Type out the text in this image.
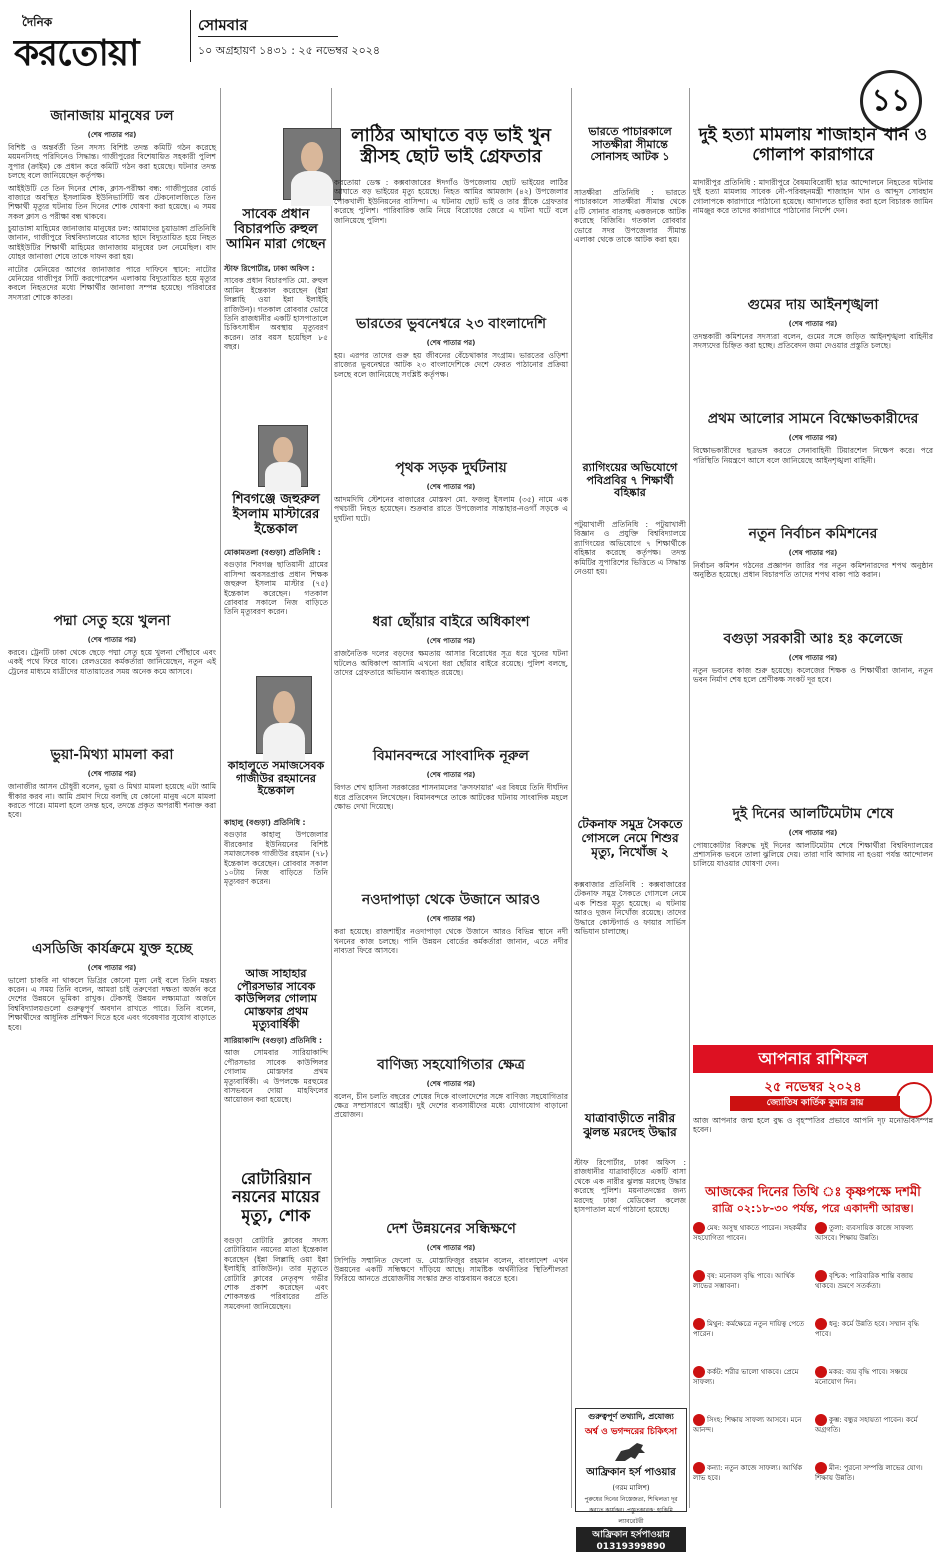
দৈনিক
করতোয়া
সোমবার
১০ অগ্রহায়ণ ১৪৩১ : ২৫ নভেম্বর ২০২৪
১১
জানাজায় মানুষের ঢল
(শেষ পাতার পর)

বিশিষ্ট ও অন্তর্বর্তী তিন সদস্য বিশিষ্ট তদন্ত কমিটি গঠন করেছে ময়মনসিংহ পরিদিনেও সিদ্ধান্ত। গাজীপুরের বিশেষায়িত সহকারী পুলিশ সুপার (ক্রাইম) কে প্রধান করে কমিটি গঠন করা হয়েছে। ঘটনার তদন্ত চলছে বলে জানিয়েছেন কর্তৃপক্ষ।

আইইউটি তে তিন দিনের শোক, ক্লাস-পরীক্ষা বন্ধ: গাজীপুরের বোর্ড বাজারে অবস্থিত ইসলামিক ইউনিভার্সিটি অব টেকনোলজিতে তিন শিক্ষার্থী মৃত্যুর ঘটনায় তিন দিনের শোক ঘোষণা করা হয়েছে। এ সময় সকল ক্লাস ও পরীক্ষা বন্ধ থাকবে।

চুয়াডাঙ্গা মাহিমের জানাজায় মানুষের ঢল: আমাদের চুয়াডাঙ্গা প্রতিনিধি জানান, গাজীপুরে বিশ্ববিদ্যালয়ের বাসের ছাদে বিদ্যুতায়িত হয়ে নিহত আইইউটির শিক্ষার্থী মাহিমের জানাজায় মানুষের ঢল নেমেছিল। বাদ যোহর জানাজা শেষে তাকে দাফন করা হয়।

নাটোর মেনিয়ের আগের জানাজার পারে দাফিনে স্থানে: নাটোর মেনিয়ের গাজীপুর সিটি করপোরেশন এলাকায় বিদ্যুতায়িত হয়ে মৃত্যুর কবলে নিহতদের মধ্যে শিক্ষার্থীর জানাজা সম্পন্ন হয়েছে। পরিবারের সদস্যরা শোকে কাতর।

পদ্মা সেতু হয়ে খুলনা
(শেষ পাতার পর)

করবে। ট্রেনটি ঢাকা থেকে ছেড়ে পদ্মা সেতু হয়ে খুলনা পৌঁছাবে এবং একই পথে ফিরে যাবে। রেলওয়ের কর্মকর্তারা জানিয়েছেন, নতুন এই ট্রেনের মাধ্যমে যাত্রীদের যাতায়াতের সময় অনেক কমে আসবে।

ভুয়া-মিথ্যা মামলা করা
(শেষ পাতার পর)

জানাজীর আসন চৌধুরী বলেন, ভুয়া ও মিথ্যা মামলা হয়েছে এটা আমি স্বীকার করব না। আমি প্রমাণ দিয়ে বলছি যে কোনো মানুষ এসে মামলা করতে পারে। মামলা হলে তদন্ত হবে, তদন্তে প্রকৃত অপরাধী শনাক্ত করা হবে।

এসডিজি কার্যক্রমে যুক্ত হচ্ছে
(শেষ পাতার পর)

ভালো চাকরি না থাকলে ডিগ্রির কোনো মূল্য নেই বলে তিনি মন্তব্য করেন। এ সময় তিনি বলেন, আমরা চাই তরুণেরা দক্ষতা অর্জন করে দেশের উন্নয়নে ভূমিকা রাখুক। টেকসই উন্নয়ন লক্ষ্যমাত্রা অর্জনে বিশ্ববিদ্যালয়গুলো গুরুত্বপূর্ণ অবদান রাখতে পারে। তিনি বলেন, শিক্ষার্থীদের আধুনিক প্রশিক্ষণ দিতে হবে এবং গবেষণার সুযোগ বাড়াতে হবে।

সাবেক প্রধান বিচারপতি রুহুল আমিন মারা গেছেন

স্টাফ রিপোর্টার, ঢাকা অফিস :

সাবেক প্রধান বিচারপতি মো. রুহুল আমিন ইন্তেকাল করেছেন (ইন্না লিল্লাহি ওয়া ইন্না ইলাইহি রাজিউন)। গতকাল রোববার ভোরে তিনি রাজধানীর একটি হাসপাতালে চিকিৎসাধীন অবস্থায় মৃত্যুবরণ করেন। তার বয়স হয়েছিল ৮৫ বছর।

শিবগঞ্জে জহুরুল ইসলাম মাস্টারের ইন্তেকাল

মোকামতলা (বগুড়া) প্রতিনিধি :

বগুড়ার শিবগঞ্জ ছাতিয়ানী গ্রামের বাসিন্দা অবসরপ্রাপ্ত প্রধান শিক্ষক জহুরুল ইসলাম মাস্টার (৭৫) ইন্তেকাল করেছেন। গতকাল রোববার সকালে নিজ বাড়িতে তিনি মৃত্যুবরণ করেন।

কাহালুতে সমাজসেবক গাজীউর রহমানের ইন্তেকাল

কাহালু (বগুড়া) প্রতিনিধি :

বগুড়ার কাহালু উপজেলার বীরকেদার ইউনিয়নের বিশিষ্ট সমাজসেবক গাজীউর রহমান (৭৮) ইন্তেকাল করেছেন। রোববার সকাল ১০টায় নিজ বাড়িতে তিনি মৃত্যুবরণ করেন।

আজ সাহাহার পৌরসভার সাবেক কাউন্সিলর গোলাম মোস্তফার প্রথম মৃত্যুবার্ষিকী

সারিয়াকান্দি (বগুড়া) প্রতিনিধি :

আজ সোমবার সারিয়াকান্দি পৌরসভার সাবেক কাউন্সিলর গোলাম মোস্তফার প্রথম মৃত্যুবার্ষিকী। এ উপলক্ষে মরহুমের বাসভবনে দোয়া মাহফিলের আয়োজন করা হয়েছে।

রোটারিয়ান নয়নের মায়ের মৃত্যু, শোক

বগুড়া রোটারি ক্লাবের সদস্য রোটারিয়ান নয়নের মাতা ইন্তেকাল করেছেন (ইন্না লিল্লাহি ওয়া ইন্না ইলাইহি রাজিউন)। তার মৃত্যুতে রোটারি ক্লাবের নেতৃবৃন্দ গভীর শোক প্রকাশ করেছেন এবং শোকসন্তপ্ত পরিবারের প্রতি সমবেদনা জানিয়েছেন।

লাঠির আঘাতে বড় ভাই খুন স্ত্রীসহ ছোট ভাই গ্রেফতার

করতোয়া ডেস্ক : কক্সবাজারের ঈদগাঁও উপজেলায় ছোট ভাইয়ের লাঠির আঘাতে বড় ভাইয়ের মৃত্যু হয়েছে। নিহত আমির আমজাদ (৪২) উপজেলার পোকখালী ইউনিয়নের বাসিন্দা। এ ঘটনায় ছোট ভাই ও তার স্ত্রীকে গ্রেফতার করেছে পুলিশ। পারিবারিক জমি নিয়ে বিরোধের জেরে এ ঘটনা ঘটে বলে জানিয়েছে পুলিশ।

ভারতের ভুবনেশ্বরে ২৩ বাংলাদেশি
(শেষ পাতার পর)

হয়। এরপর তাদের গুরু হয় জীবনের বেঁচেথাকার সংগ্রাম। ভারতের ওড়িশা রাজ্যের ভুবনেশ্বরে আটক ২৩ বাংলাদেশিকে দেশে ফেরত পাঠানোর প্রক্রিয়া চলছে বলে জানিয়েছে সংশ্লিষ্ট কর্তৃপক্ষ।

পৃথক সড়ক দুর্ঘটনায়
(শেষ পাতার পর)

আদমদিঘি স্টেশনের বাজারের মোস্তফা মো. ফজলু ইসলাম (৩৫) নামে এক পথচারী নিহত হয়েছেন। শুক্রবার রাতে উপজেলার সান্তাহার-নওগাঁ সড়কে এ দুর্ঘটনা ঘটে।

ধরা ছোঁয়ার বাইরে অধিকাংশ
(শেষ পাতার পর)

রাজনৈতিক দলের বড়দের ক্ষমতায় আসার বিরোধের সূত্র ধরে খুনের ঘটনা ঘটলেও অধিকাংশ আসামি এখনো ধরা ছোঁয়ার বাইরে রয়েছে। পুলিশ বলছে, তাদের গ্রেফতারে অভিযান অব্যাহত রয়েছে।

বিমানবন্দরে সাংবাদিক নূরুল
(শেষ পাতার পর)

বিগত শেখ হাসিনা সরকারের শাসনামলের 'ক্রসফায়ার' এর বিষয়ে তিনি দীর্ঘদিন ধরে প্রতিবেদন লিখেছেন। বিমানবন্দরে তাকে আটকের ঘটনায় সাংবাদিক মহলে ক্ষোভ দেখা দিয়েছে।

নওদাপাড়া থেকে উজানে আরও
(শেষ পাতার পর)

করা হয়েছে। রাজশাহীর নওদাপাড়া থেকে উজানে আরও বিভিন্ন স্থানে নদী খননের কাজ চলছে। পানি উন্নয়ন বোর্ডের কর্মকর্তারা জানান, এতে নদীর নাব্যতা ফিরে আসবে।

বাণিজ্য সহযোগিতার ক্ষেত্র
(শেষ পাতার পর)

বলেন, চীন চলতি বছরের শেষের দিকে বাংলাদেশের সঙ্গে বাণিজ্য সহযোগিতার ক্ষেত্র সম্প্রসারণে আগ্রহী। দুই দেশের ব্যবসায়ীদের মধ্যে যোগাযোগ বাড়ানো প্রয়োজন।

দেশ উন্নয়নের সন্ধিক্ষণে
(শেষ পাতার পর)

সিপিডি সম্মানিত ফেলো ড. মোস্তাফিজুর রহমান বলেন, বাংলাদেশ এখন উন্নয়নের একটি সন্ধিক্ষণে দাঁড়িয়ে আছে। সামষ্টিক অর্থনীতির স্থিতিশীলতা ফিরিয়ে আনতে প্রয়োজনীয় সংস্কার দ্রুত বাস্তবায়ন করতে হবে।

ভারতে পাচারকালে সাতক্ষীরা সীমান্তে সোনাসহ আটক ১

সাতক্ষীরা প্রতিনিধি : ভারতে পাচারকালে সাতক্ষীরা সীমান্ত থেকে ৫টি সোনার বারসহ একজনকে আটক করেছে বিজিবি। গতকাল রোববার ভোরে সদর উপজেলার সীমান্ত এলাকা থেকে তাকে আটক করা হয়।

র‌্যাগিংয়ের অভিযোগে পবিপ্রবির ৭ শিক্ষার্থী বহিষ্কার

পটুয়াখালী প্রতিনিধি : পটুয়াখালী বিজ্ঞান ও প্রযুক্তি বিশ্ববিদ্যালয়ে র‌্যাগিংয়ের অভিযোগে ৭ শিক্ষার্থীকে বহিষ্কার করেছে কর্তৃপক্ষ। তদন্ত কমিটির সুপারিশের ভিত্তিতে এ সিদ্ধান্ত নেওয়া হয়।

টেকনাফ সমুদ্র সৈকতে গোসলে নেমে শিশুর মৃত্যু, নিখোঁজ ২

কক্সবাজার প্রতিনিধি : কক্সবাজারের টেকনাফ সমুদ্র সৈকতে গোসলে নেমে এক শিশুর মৃত্যু হয়েছে। এ ঘটনায় আরও দুজন নিখোঁজ রয়েছে। তাদের উদ্ধারে কোস্টগার্ড ও ফায়ার সার্ভিস অভিযান চালাচ্ছে।

যাত্রাবাড়ীতে নারীর ঝুলন্ত মরদেহ উদ্ধার

স্টাফ রিপোর্টার, ঢাকা অফিস : রাজধানীর যাত্রাবাড়ীতে একটি বাসা থেকে এক নারীর ঝুলন্ত মরদেহ উদ্ধার করেছে পুলিশ। ময়নাতদন্তের জন্য মরদেহ ঢাকা মেডিকেল কলেজ হাসপাতাল মর্গে পাঠানো হয়েছে।

গুরুত্বপূর্ণ তথ্যাদি, প্রযোজ্য
অর্শ্ব ও ভগন্দরের চিকিৎসা
আফ্রিকান হর্স পাওয়ার
(গরম মালিশ)
পুরুষের দিনের নিস্তেজতা, শিথিলতা দূর করতে কার্যকর। প্রস্তুতকারক: হাকিমি ল্যাবরেটরী
আফ্রিকান হর্সপাওয়ার 01319399890
দুই হত্যা মামলায় শাজাহান খান ও গোলাপ কারাগারে

মাদারীপুর প্রতিনিধি : মাদারীপুরে বৈষম্যবিরোধী ছাত্র আন্দোলনে নিহতের ঘটনায় দুই হত্যা মামলায় সাবেক নৌ-পরিবহনমন্ত্রী শাজাহান খান ও আব্দুস সোবহান গোলাপকে কারাগারে পাঠানো হয়েছে। আদালতে হাজির করা হলে বিচারক জামিন নামঞ্জুর করে তাদের কারাগারে পাঠানোর নির্দেশ দেন।

গুমের দায় আইনশৃঙ্খলা
(শেষ পাতার পর)

তদন্তকারী কমিশনের সদস্যরা বলেন, গুমের সঙ্গে জড়িত আইনশৃঙ্খলা বাহিনীর সদস্যদের চিহ্নিত করা হচ্ছে। প্রতিবেদন জমা দেওয়ার প্রস্তুতি চলছে।

প্রথম আলোর সামনে বিক্ষোভকারীদের
(শেষ পাতার পর)

বিক্ষোভকারীদের ছত্রভঙ্গ করতে সেনাবাহিনী টিয়ারশেল নিক্ষেপ করে। পরে পরিস্থিতি নিয়ন্ত্রণে আসে বলে জানিয়েছে আইনশৃঙ্খলা বাহিনী।

নতুন নির্বাচন কমিশনের
(শেষ পাতার পর)

নির্বাচন কমিশন গঠনের প্রজ্ঞাপন জারির পর নতুন কমিশনারদের শপথ অনুষ্ঠান অনুষ্ঠিত হয়েছে। প্রধান বিচারপতি তাদের শপথ বাক্য পাঠ করান।

বগুড়া সরকারী আঃ হঃ কলেজে
(শেষ পাতার পর)

নতুন ভবনের কাজ শুরু হয়েছে। কলেজের শিক্ষক ও শিক্ষার্থীরা জানান, নতুন ভবন নির্মাণ শেষ হলে শ্রেণীকক্ষ সংকট দূর হবে।

দুই দিনের আলটিমেটাম শেষে
(শেষ পাতার পর)

পোষ্যকোটার বিরুদ্ধে দুই দিনের আলটিমেটাম শেষে শিক্ষার্থীরা বিশ্ববিদ্যালয়ের প্রশাসনিক ভবনে তালা ঝুলিয়ে দেয়। তারা দাবি আদায় না হওয়া পর্যন্ত আন্দোলন চালিয়ে যাওয়ার ঘোষণা দেন।

আপনার রাশিফল
২৫ নভেম্বর ২০২৪
জ্যোতিষ কার্তিক কুমার রায়

আজ আপনার জন্ম হলে বুদ্ধ ও বৃহস্পতির প্রভাবে আপনি দৃঢ় মনোভাবসম্পন্ন হবেন।

আজকের দিনের তিথি ঃ কৃষ্ণপক্ষে দশমী
রাত্রি ০২:১৮-৩০ পর্যন্ত, পরে একাদশী আরম্ভ।
মেষ: অসুস্থ থাকতে পারেন। সহকর্মীর সহযোগিতা পাবেন।
তুলা: ব্যবসায়িক কাজে সাফল্য আসবে। শিক্ষায় উন্নতি।
বৃষ: মনোবল বৃদ্ধি পাবে। আর্থিক লাভের সম্ভাবনা।
বৃশ্চিক: পারিবারিক শান্তি বজায় থাকবে। ভ্রমণে সতর্কতা।
মিথুন: কর্মক্ষেত্রে নতুন দায়িত্ব পেতে পারেন।
ধনু: কর্মে উন্নতি হবে। সম্মান বৃদ্ধি পাবে।
কর্কট: শরীর ভালো থাকবে। প্রেমে সাফল্য।
মকর: ব্যয় বৃদ্ধি পাবে। সঞ্চয়ে মনোযোগ দিন।
সিংহ: শিক্ষায় সাফল্য আসবে। মনে আনন্দ।
কুম্ভ: বন্ধুর সহায়তা পাবেন। কর্মে অগ্রগতি।
কন্যা: নতুন কাজে সাফল্য। আর্থিক লাভ হবে।
মীন: পুরনো সম্পত্তি লাভের যোগ। শিক্ষায় উন্নতি।
